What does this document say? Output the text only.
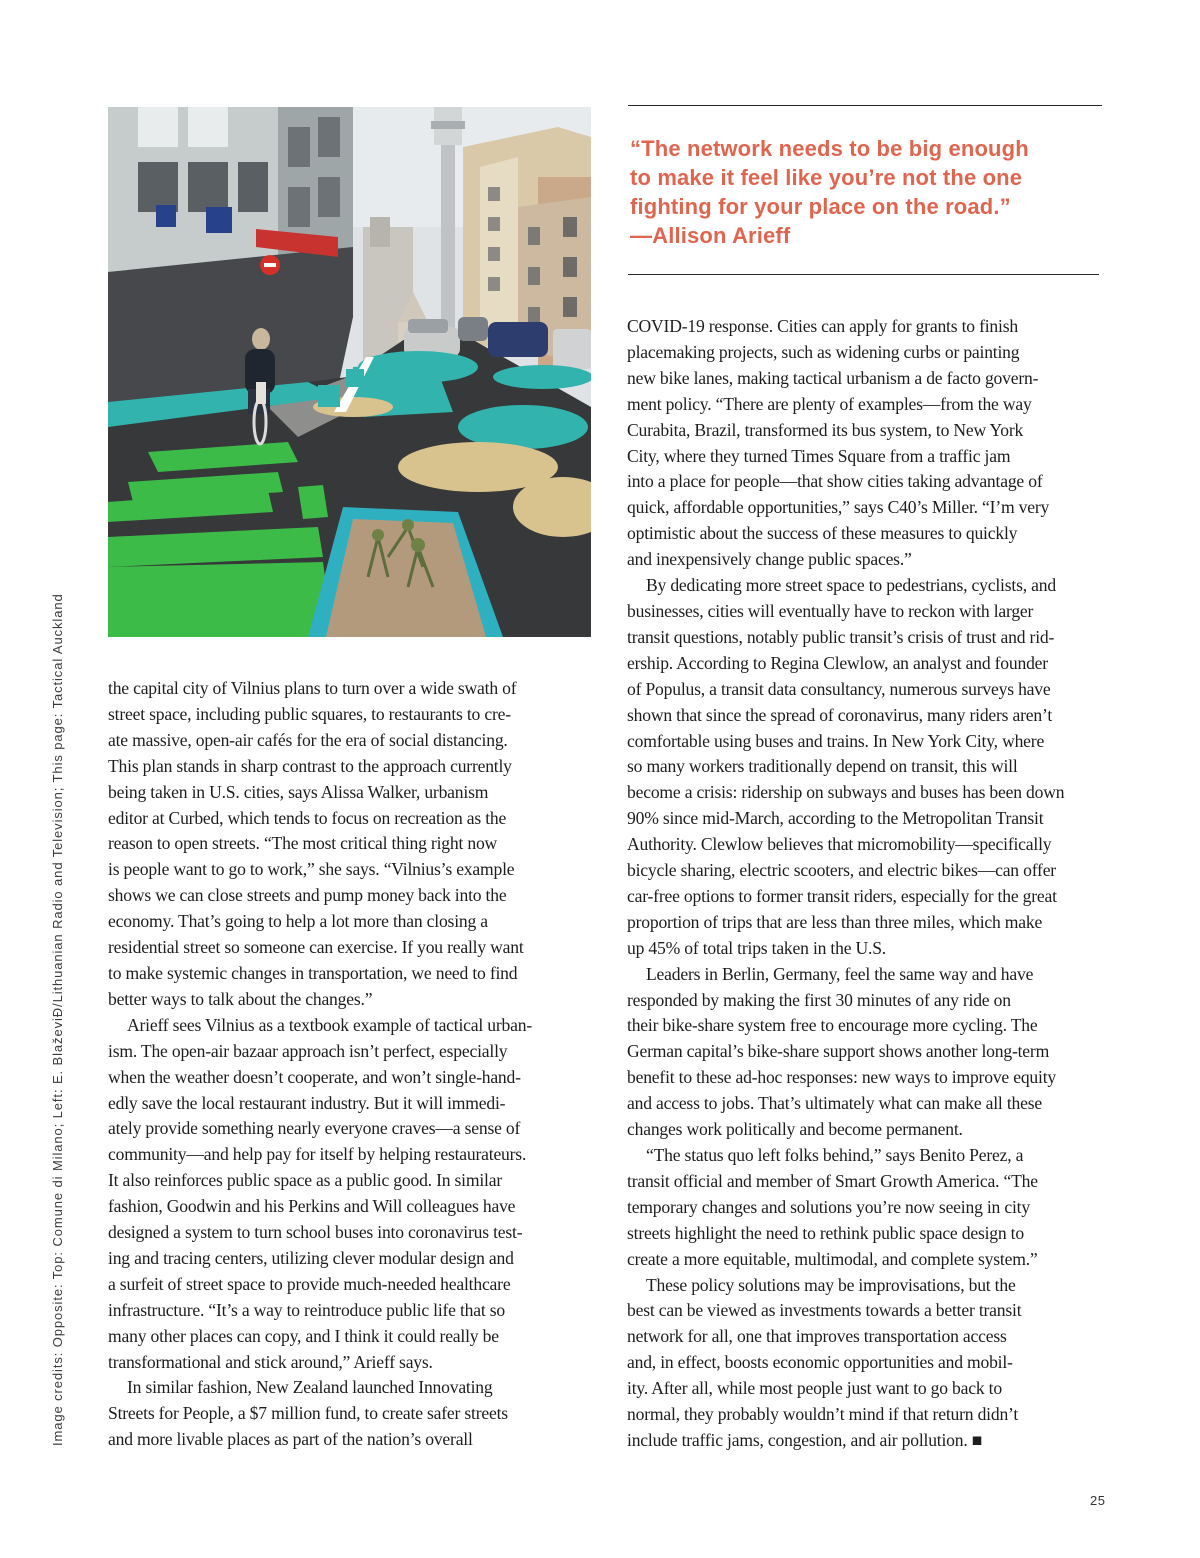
Image credits: Opposite: Top: Comune di Milano; Left: E. BlaževiĐ/Lithuanian Radio and Television; This page: Tactical Auckland
“The network needs to be big enough
to make it feel like you’re not the one
fighting for your place on the road.”
—Allison Arieff
the capital city of Vilnius plans to turn over a wide swath of
street space, including public squares, to restaurants to cre-
ate massive, open-air cafés for the era of social distancing.
This plan stands in sharp contrast to the approach currently
being taken in U.S. cities, says Alissa Walker, urbanism
editor at Curbed, which tends to focus on recreation as the
reason to open streets. “The most critical thing right now
is people want to go to work,” she says. “Vilnius’s example
shows we can close streets and pump money back into the
economy. That’s going to help a lot more than closing a
residential street so someone can exercise. If you really want
to make systemic changes in transportation, we need to find
better ways to talk about the changes.”
Arieff sees Vilnius as a textbook example of tactical urban-
ism. The open-air bazaar approach isn’t perfect, especially
when the weather doesn’t cooperate, and won’t single-hand-
edly save the local restaurant industry. But it will immedi-
ately provide something nearly everyone craves—a sense of
community—and help pay for itself by helping restaurateurs.
It also reinforces public space as a public good. In similar
fashion, Goodwin and his Perkins and Will colleagues have
designed a system to turn school buses into coronavirus test-
ing and tracing centers, utilizing clever modular design and
a surfeit of street space to provide much-needed healthcare
infrastructure. “It’s a way to reintroduce public life that so
many other places can copy, and I think it could really be
transformational and stick around,” Arieff says.
In similar fashion, New Zealand launched Innovating
Streets for People, a $7 million fund, to create safer streets
and more livable places as part of the nation’s overall
COVID-19 response. Cities can apply for grants to finish
placemaking projects, such as widening curbs or painting
new bike lanes, making tactical urbanism a de facto govern-
ment policy. “There are plenty of examples—from the way
Curabita, Brazil, transformed its bus system, to New York
City, where they turned Times Square from a traffic jam
into a place for people—that show cities taking advantage of
quick, affordable opportunities,” says C40’s Miller. “I’m very
optimistic about the success of these measures to quickly
and inexpensively change public spaces.”
By dedicating more street space to pedestrians, cyclists, and
businesses, cities will eventually have to reckon with larger
transit questions, notably public transit’s crisis of trust and rid-
ership. According to Regina Clewlow, an analyst and founder
of Populus, a transit data consultancy, numerous surveys have
shown that since the spread of coronavirus, many riders aren’t
comfortable using buses and trains. In New York City, where
so many workers traditionally depend on transit, this will
become a crisis: ridership on subways and buses has been down
90% since mid-March, according to the Metropolitan Transit
Authority. Clewlow believes that micromobility—specifically
bicycle sharing, electric scooters, and electric bikes—can offer
car-free options to former transit riders, especially for the great
proportion of trips that are less than three miles, which make
up 45% of total trips taken in the U.S.
Leaders in Berlin, Germany, feel the same way and have
responded by making the first 30 minutes of any ride on
their bike-share system free to encourage more cycling. The
German capital’s bike-share support shows another long-term
benefit to these ad-hoc responses: new ways to improve equity
and access to jobs. That’s ultimately what can make all these
changes work politically and become permanent.
“The status quo left folks behind,” says Benito Perez, a
transit official and member of Smart Growth America. “The
temporary changes and solutions you’re now seeing in city
streets highlight the need to rethink public space design to
create a more equitable, multimodal, and complete system.”
These policy solutions may be improvisations, but the
best can be viewed as investments towards a better transit
network for all, one that improves transportation access
and, in effect, boosts economic opportunities and mobil-
ity. After all, while most people just want to go back to
normal, they probably wouldn’t mind if that return didn’t
include traffic jams, congestion, and air pollution. ■
25
